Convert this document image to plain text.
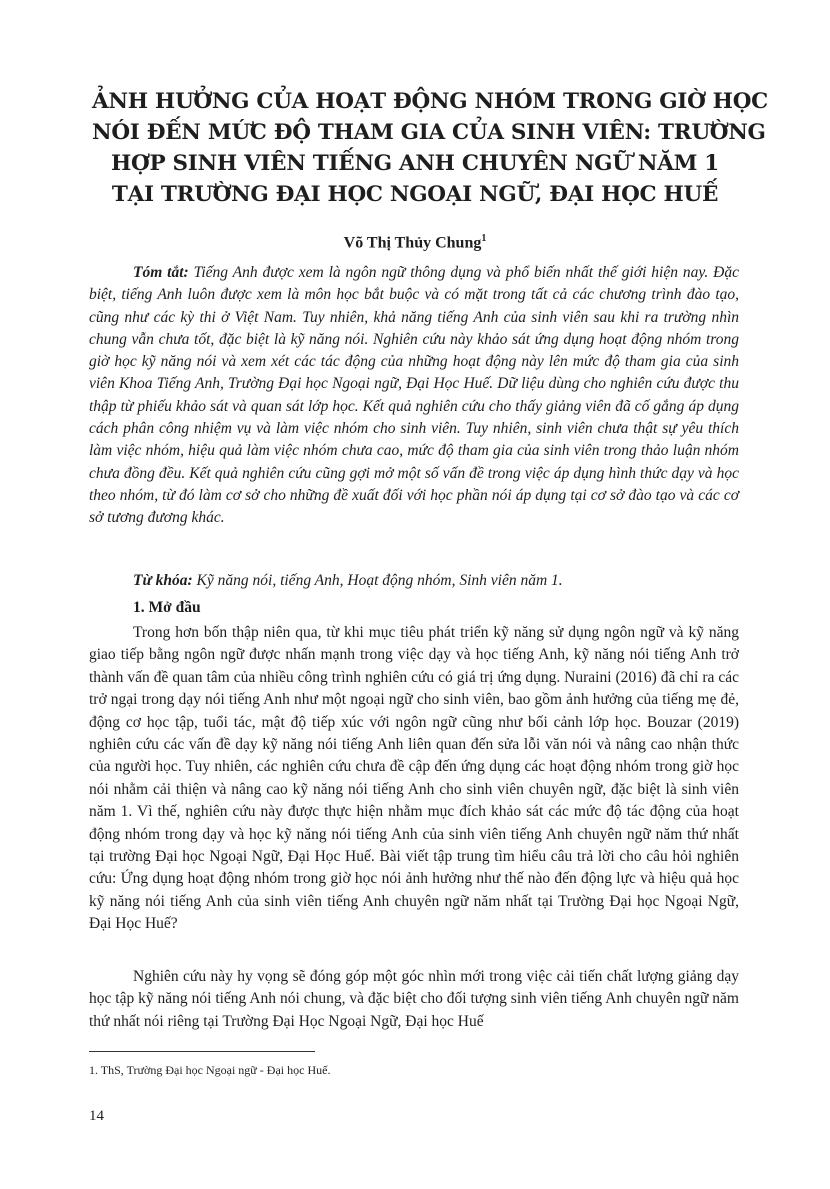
ẢNH HƯỞNG CỦA HOẠT ĐỘNG NHÓM TRONG GIỜ HỌC
NÓI ĐẾN MỨC ĐỘ THAM GIA CỦA SINH VIÊN: TRƯỜNG
HỢP SINH VIÊN TIẾNG ANH CHUYÊN NGỮ NĂM 1
TẠI TRƯỜNG ĐẠI HỌC NGOẠI NGỮ, ĐẠI HỌC HUẾ
Võ Thị Thủy Chung$^1$
Tóm tắt: Tiếng Anh được xem là ngôn ngữ thông dụng và phổ biến nhất thế giới hiện nay. Đặc biệt, tiếng Anh luôn được xem là môn học bắt buộc và có mặt trong tất cả các chương trình đào tạo, cũng như các kỳ thi ở Việt Nam. Tuy nhiên, khả năng tiếng Anh của sinh viên sau khi ra trường nhìn chung vẫn chưa tốt, đặc biệt là kỹ năng nói. Nghiên cứu này khảo sát ứng dụng hoạt động nhóm trong giờ học kỹ năng nói và xem xét các tác động của những hoạt động này lên mức độ tham gia của sinh viên Khoa Tiếng Anh, Trường Đại học Ngoại ngữ, Đại Học Huế. Dữ liệu dùng cho nghiên cứu được thu thập từ phiếu khảo sát và quan sát lớp học. Kết quả nghiên cứu cho thấy giảng viên đã cố gắng áp dụng cách phân công nhiệm vụ và làm việc nhóm cho sinh viên. Tuy nhiên, sinh viên chưa thật sự yêu thích làm việc nhóm, hiệu quả làm việc nhóm chưa cao, mức độ tham gia của sinh viên trong thảo luận nhóm chưa đồng đều. Kết quả nghiên cứu cũng gợi mở một số vấn đề trong việc áp dụng hình thức dạy và học theo nhóm, từ đó làm cơ sở cho những đề xuất đối với học phần nói áp dụng tại cơ sở đào tạo và các cơ sở tương đương khác.
Từ khóa: Kỹ năng nói, tiếng Anh, Hoạt động nhóm, Sinh viên năm 1.
1. Mở đầu
Trong hơn bốn thập niên qua, từ khi mục tiêu phát triển kỹ năng sử dụng ngôn ngữ và kỹ năng giao tiếp bằng ngôn ngữ được nhấn mạnh trong việc dạy và học tiếng Anh, kỹ năng nói tiếng Anh trở thành vấn đề quan tâm của nhiều công trình nghiên cứu có giá trị ứng dụng. Nuraini (2016) đã chỉ ra các trở ngại trong dạy nói tiếng Anh như một ngoại ngữ cho sinh viên, bao gồm ảnh hưởng của tiếng mẹ đẻ, động cơ học tập, tuổi tác, mật độ tiếp xúc với ngôn ngữ cũng như bối cảnh lớp học. Bouzar (2019) nghiên cứu các vấn đề dạy kỹ năng nói tiếng Anh liên quan đến sửa lỗi văn nói và nâng cao nhận thức của người học. Tuy nhiên, các nghiên cứu chưa đề cập đến ứng dụng các hoạt động nhóm trong giờ học nói nhằm cải thiện và nâng cao kỹ năng nói tiếng Anh cho sinh viên chuyên ngữ, đặc biệt là sinh viên năm 1. Vì thế, nghiên cứu này được thực hiện nhằm mục đích khảo sát các mức độ tác động của hoạt động nhóm trong dạy và học kỹ năng nói tiếng Anh của sinh viên tiếng Anh chuyên ngữ năm thứ nhất tại trường Đại học Ngoại Ngữ, Đại Học Huế. Bài viết tập trung tìm hiểu câu trả lời cho câu hỏi nghiên cứu: Ứng dụng hoạt động nhóm trong giờ học nói ảnh hưởng như thế nào đến động lực và hiệu quả học kỹ năng nói tiếng Anh của sinh viên tiếng Anh chuyên ngữ năm nhất tại Trường Đại học Ngoại Ngữ, Đại Học Huế?
Nghiên cứu này hy vọng sẽ đóng góp một góc nhìn mới trong việc cải tiến chất lượng giảng dạy học tập kỹ năng nói tiếng Anh nói chung, và đặc biệt cho đối tượng sinh viên tiếng Anh chuyên ngữ năm thứ nhất nói riêng tại Trường Đại Học Ngoại Ngữ, Đại học Huế
1. ThS, Trường Đại học Ngoại ngữ - Đại học Huế.
14
